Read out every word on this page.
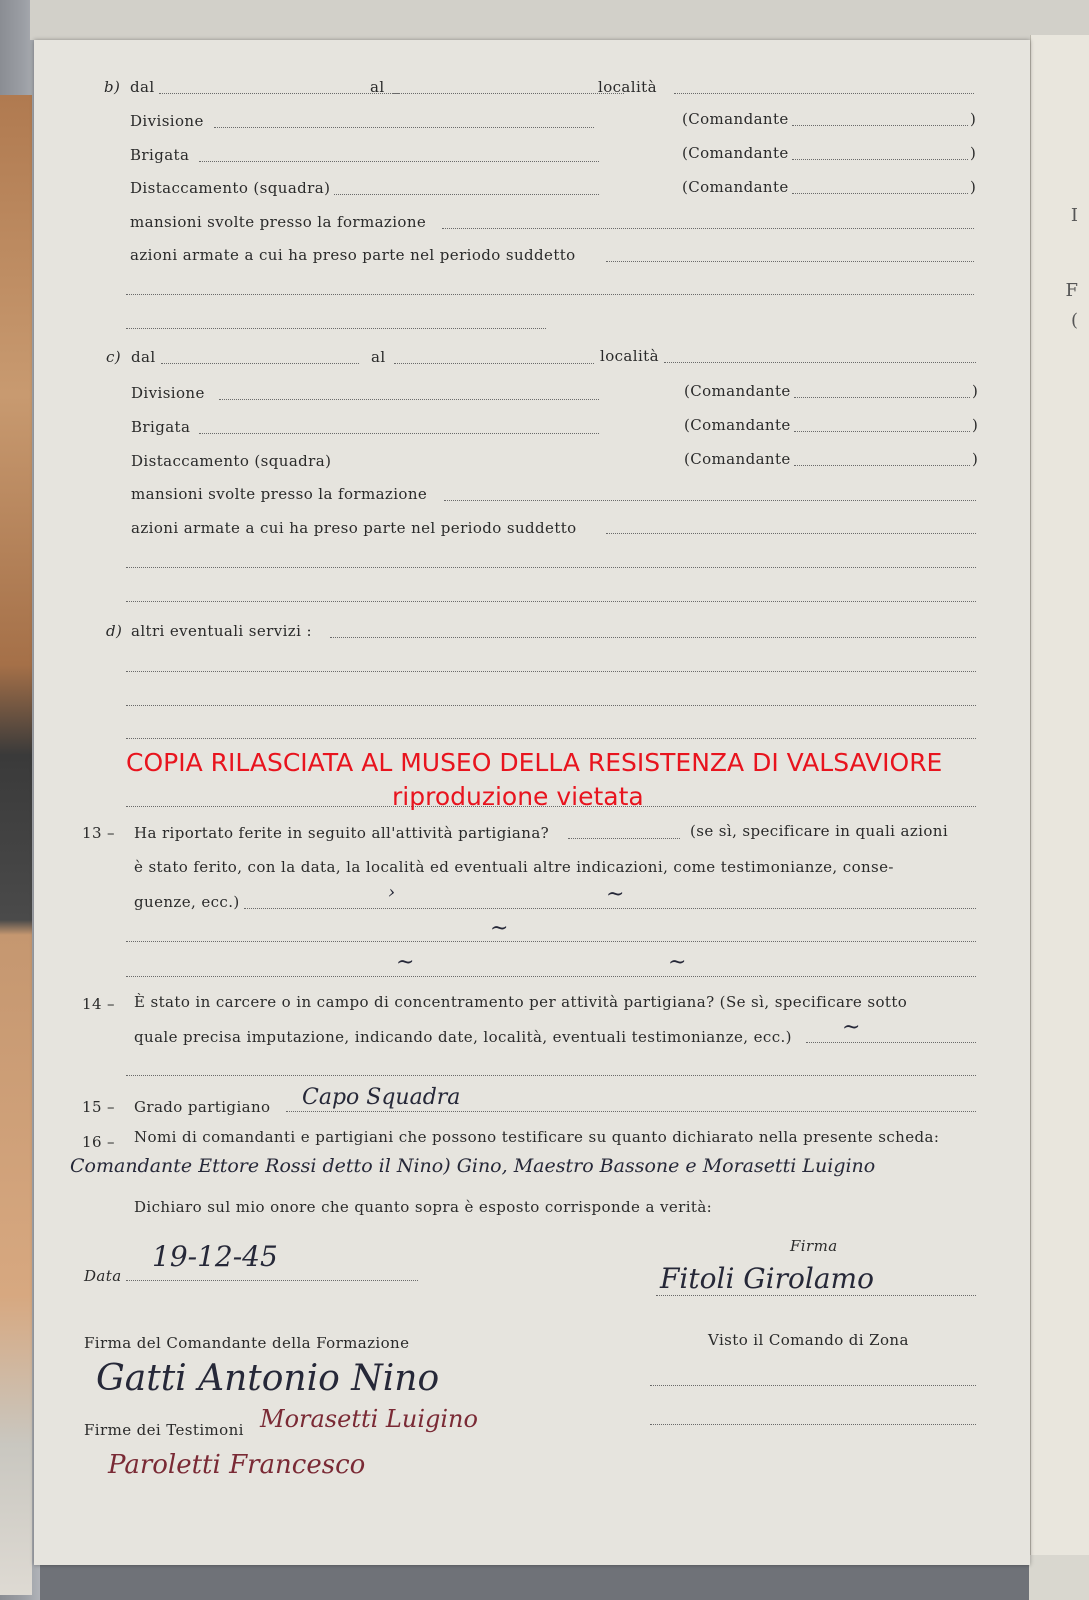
I
F
(
b) dal	al	località
Divisione	(Comandante	)
Brigata	(Comandante	)
Distaccamento (squadra)	(Comandante	)
mansioni svolte presso la formazione
azioni armate a cui ha preso parte nel periodo suddetto
c) dal	al	località
Divisione	(Comandante	)
Brigata	(Comandante	)
Distaccamento (squadra)	(Comandante	)
mansioni svolte presso la formazione
azioni armate a cui ha preso parte nel periodo suddetto
d) altri eventuali servizi :
COPIA RILASCIATA AL MUSEO DELLA RESISTENZA DI VALSAVIORE
riproduzione vietata
13 – Ha riportato ferite in seguito all'attività partigiana?	(se sì, specificare in quali azioni
è stato ferito, con la data, la località ed eventuali altre indicazioni, come testimonianze, conse-
guenze, ecc.)	›	~
~
~	~
14 – È stato in carcere o in campo di concentramento per attività partigiana? (Se sì, specificare sotto
quale precisa imputazione, indicando date, località, eventuali testimonianze, ecc.) ~
15 – Grado partigiano Capo Squadra
16 – Nomi di comandanti e partigiani che possono testificare su quanto dichiarato nella presente scheda:
Comandante Ettore Rossi detto il Nino) Gino, Maestro Bassone e Morasetti Luigino
Dichiaro sul mio onore che quanto sopra è esposto corrisponde a verità:
Data
19-12-45	Firma
Fitoli Girolamo
Firma del Comandante della Formazione
Gatti Antonio Nino
Visto il Comando di Zona
Firme dei Testimoni Morasetti Luigino
Paroletti Francesco
